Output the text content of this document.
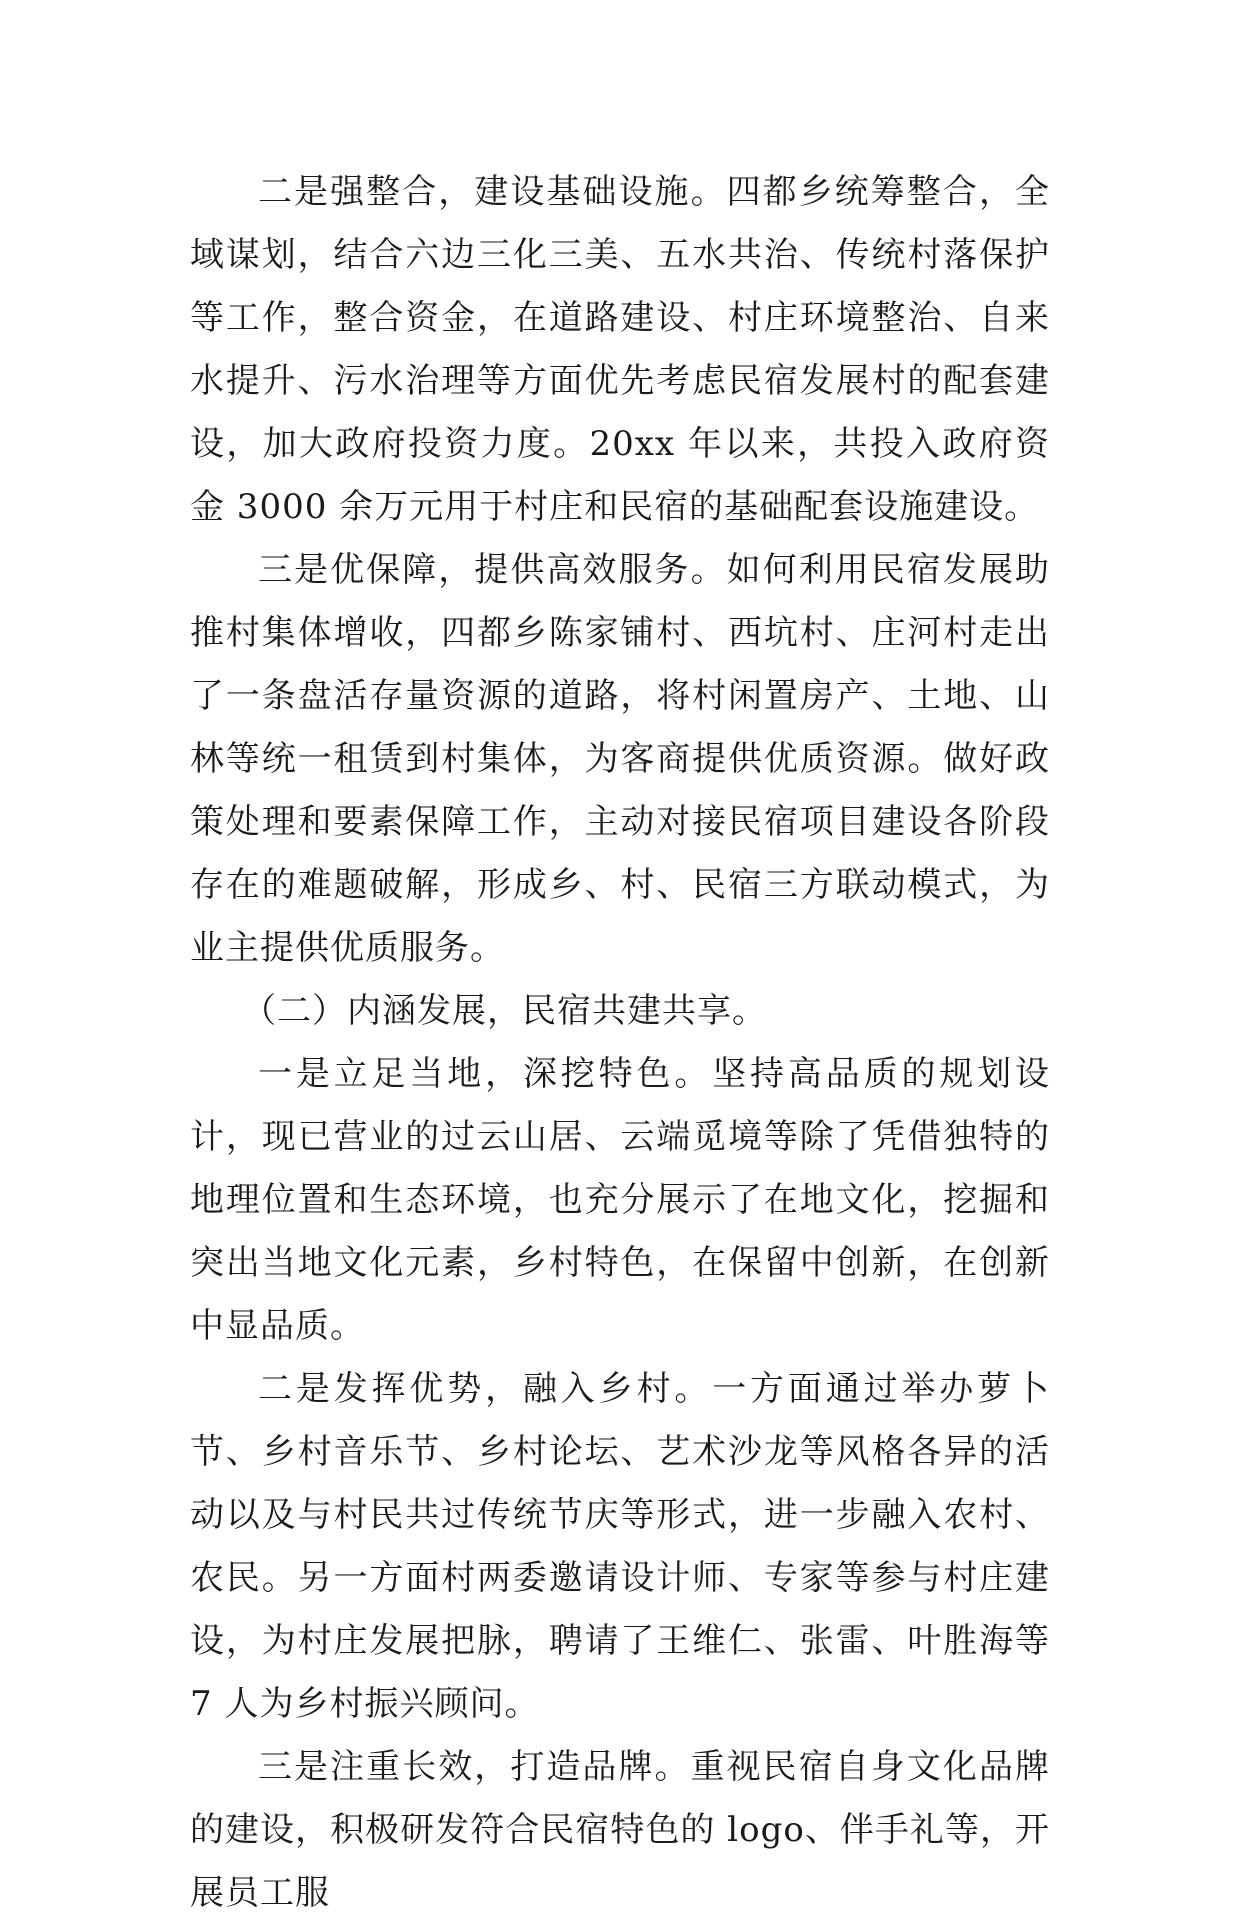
二是强整合，建设基础设施。四都乡统筹整合，全域谋划，结合六边三化三美、五水共治、传统村落保护等工作，整合资金，在道路建设、村庄环境整治、自来水提升、污水治理等方面优先考虑民宿发展村的配套建设，加大政府投资力度。20xx 年以来，共投入政府资金 3000 余万元用于村庄和民宿的基础配套设施建设。

三是优保障，提供高效服务。如何利用民宿发展助推村集体增收，四都乡陈家铺村、西坑村、庄河村走出了一条盘活存量资源的道路，将村闲置房产、土地、山林等统一租赁到村集体，为客商提供优质资源。做好政策处理和要素保障工作，主动对接民宿项目建设各阶段存在的难题破解，形成乡、村、民宿三方联动模式，为业主提供优质服务。

（二）内涵发展，民宿共建共享。

一是立足当地，深挖特色。坚持高品质的规划设计，现已营业的过云山居、云端觅境等除了凭借独特的地理位置和生态环境，也充分展示了在地文化，挖掘和突出当地文化元素，乡村特色，在保留中创新，在创新中显品质。

二是发挥优势，融入乡村。一方面通过举办萝卜节、乡村音乐节、乡村论坛、艺术沙龙等风格各异的活动以及与村民共过传统节庆等形式，进一步融入农村、农民。另一方面村两委邀请设计师、专家等参与村庄建设，为村庄发展把脉，聘请了王维仁、张雷、叶胜海等 7 人为乡村振兴顾问。

三是注重长效，打造品牌。重视民宿自身文化品牌的建设，积极研发符合民宿特色的 logo、伴手礼等，开展员工服
